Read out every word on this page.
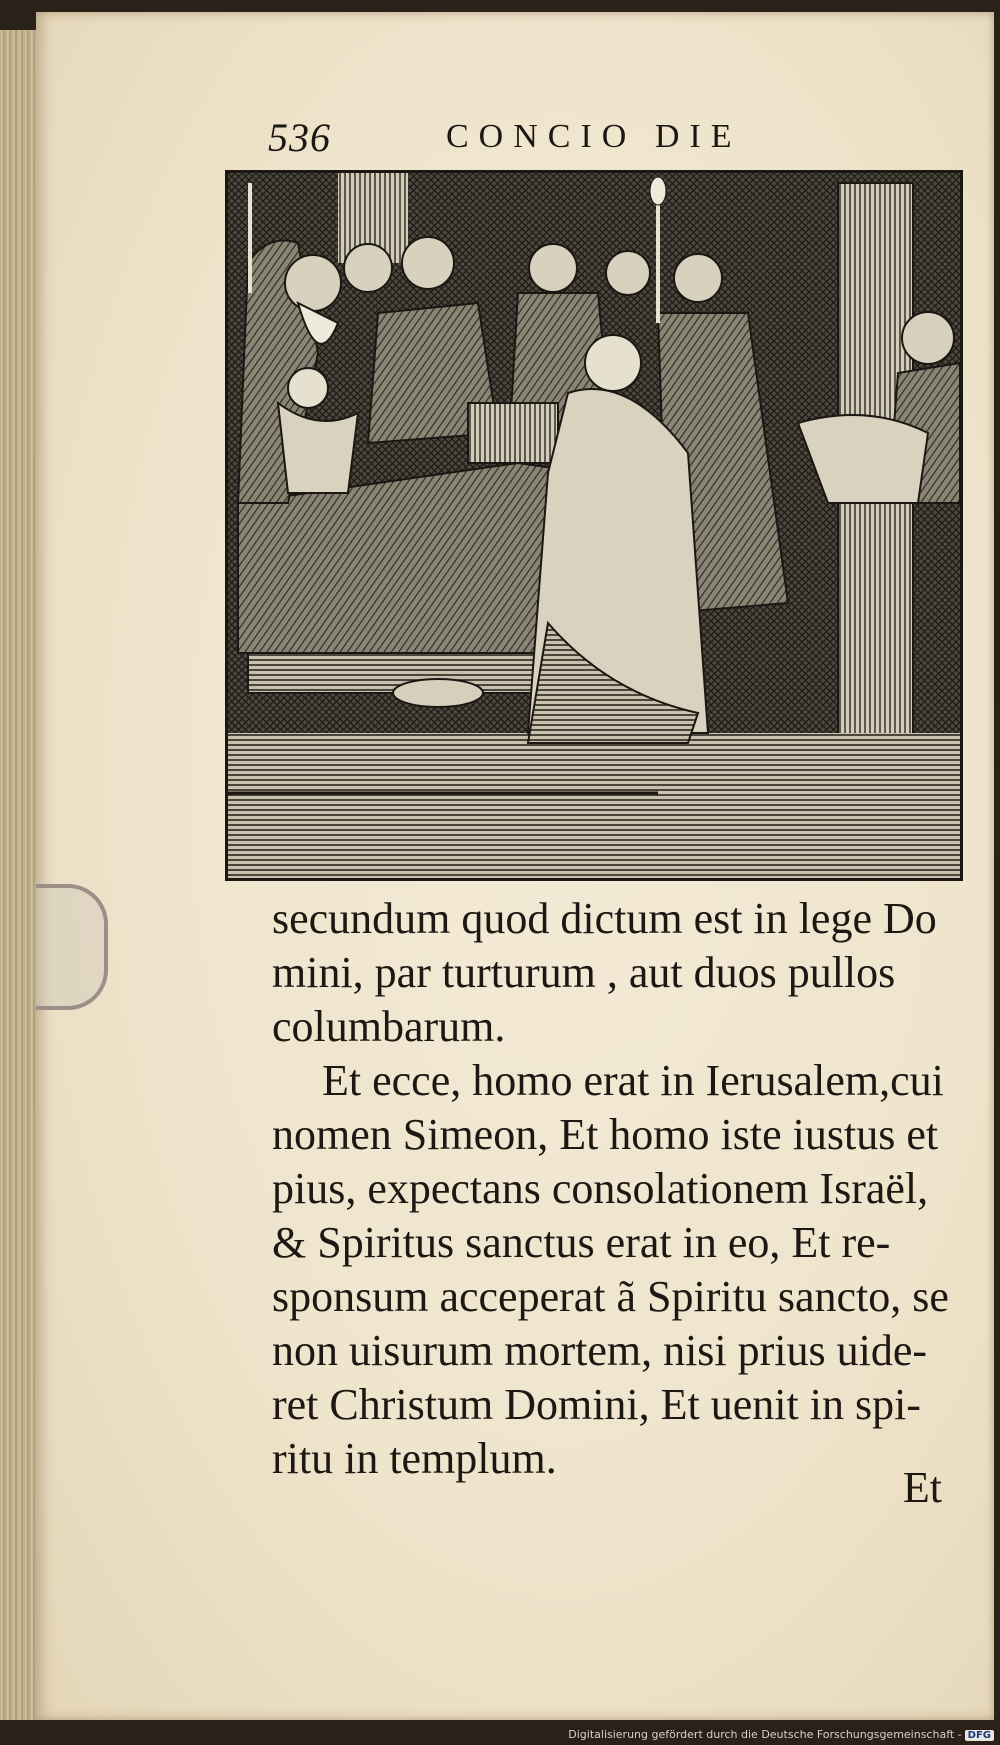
536	CONCIO DIE
secundum quod dictum est in lege Do
mini, par turturum , aut duos pullos
columbarum.
Et ecce, homo erat in Ierusalem,cui
nomen Simeon, Et homo iste iustus et
pius, expectans consolationem Israël,
& Spiritus sanctus erat in eo, Et re-
sponsum acceperat ã Spiritu sancto, se
non uisurum mortem, nisi prius uide-
ret Christum Domini, Et uenit in spi-
ritu in templum.
Et
Digitalisierung gefördert durch die Deutsche Forschungsgemeinschaft - DFG
